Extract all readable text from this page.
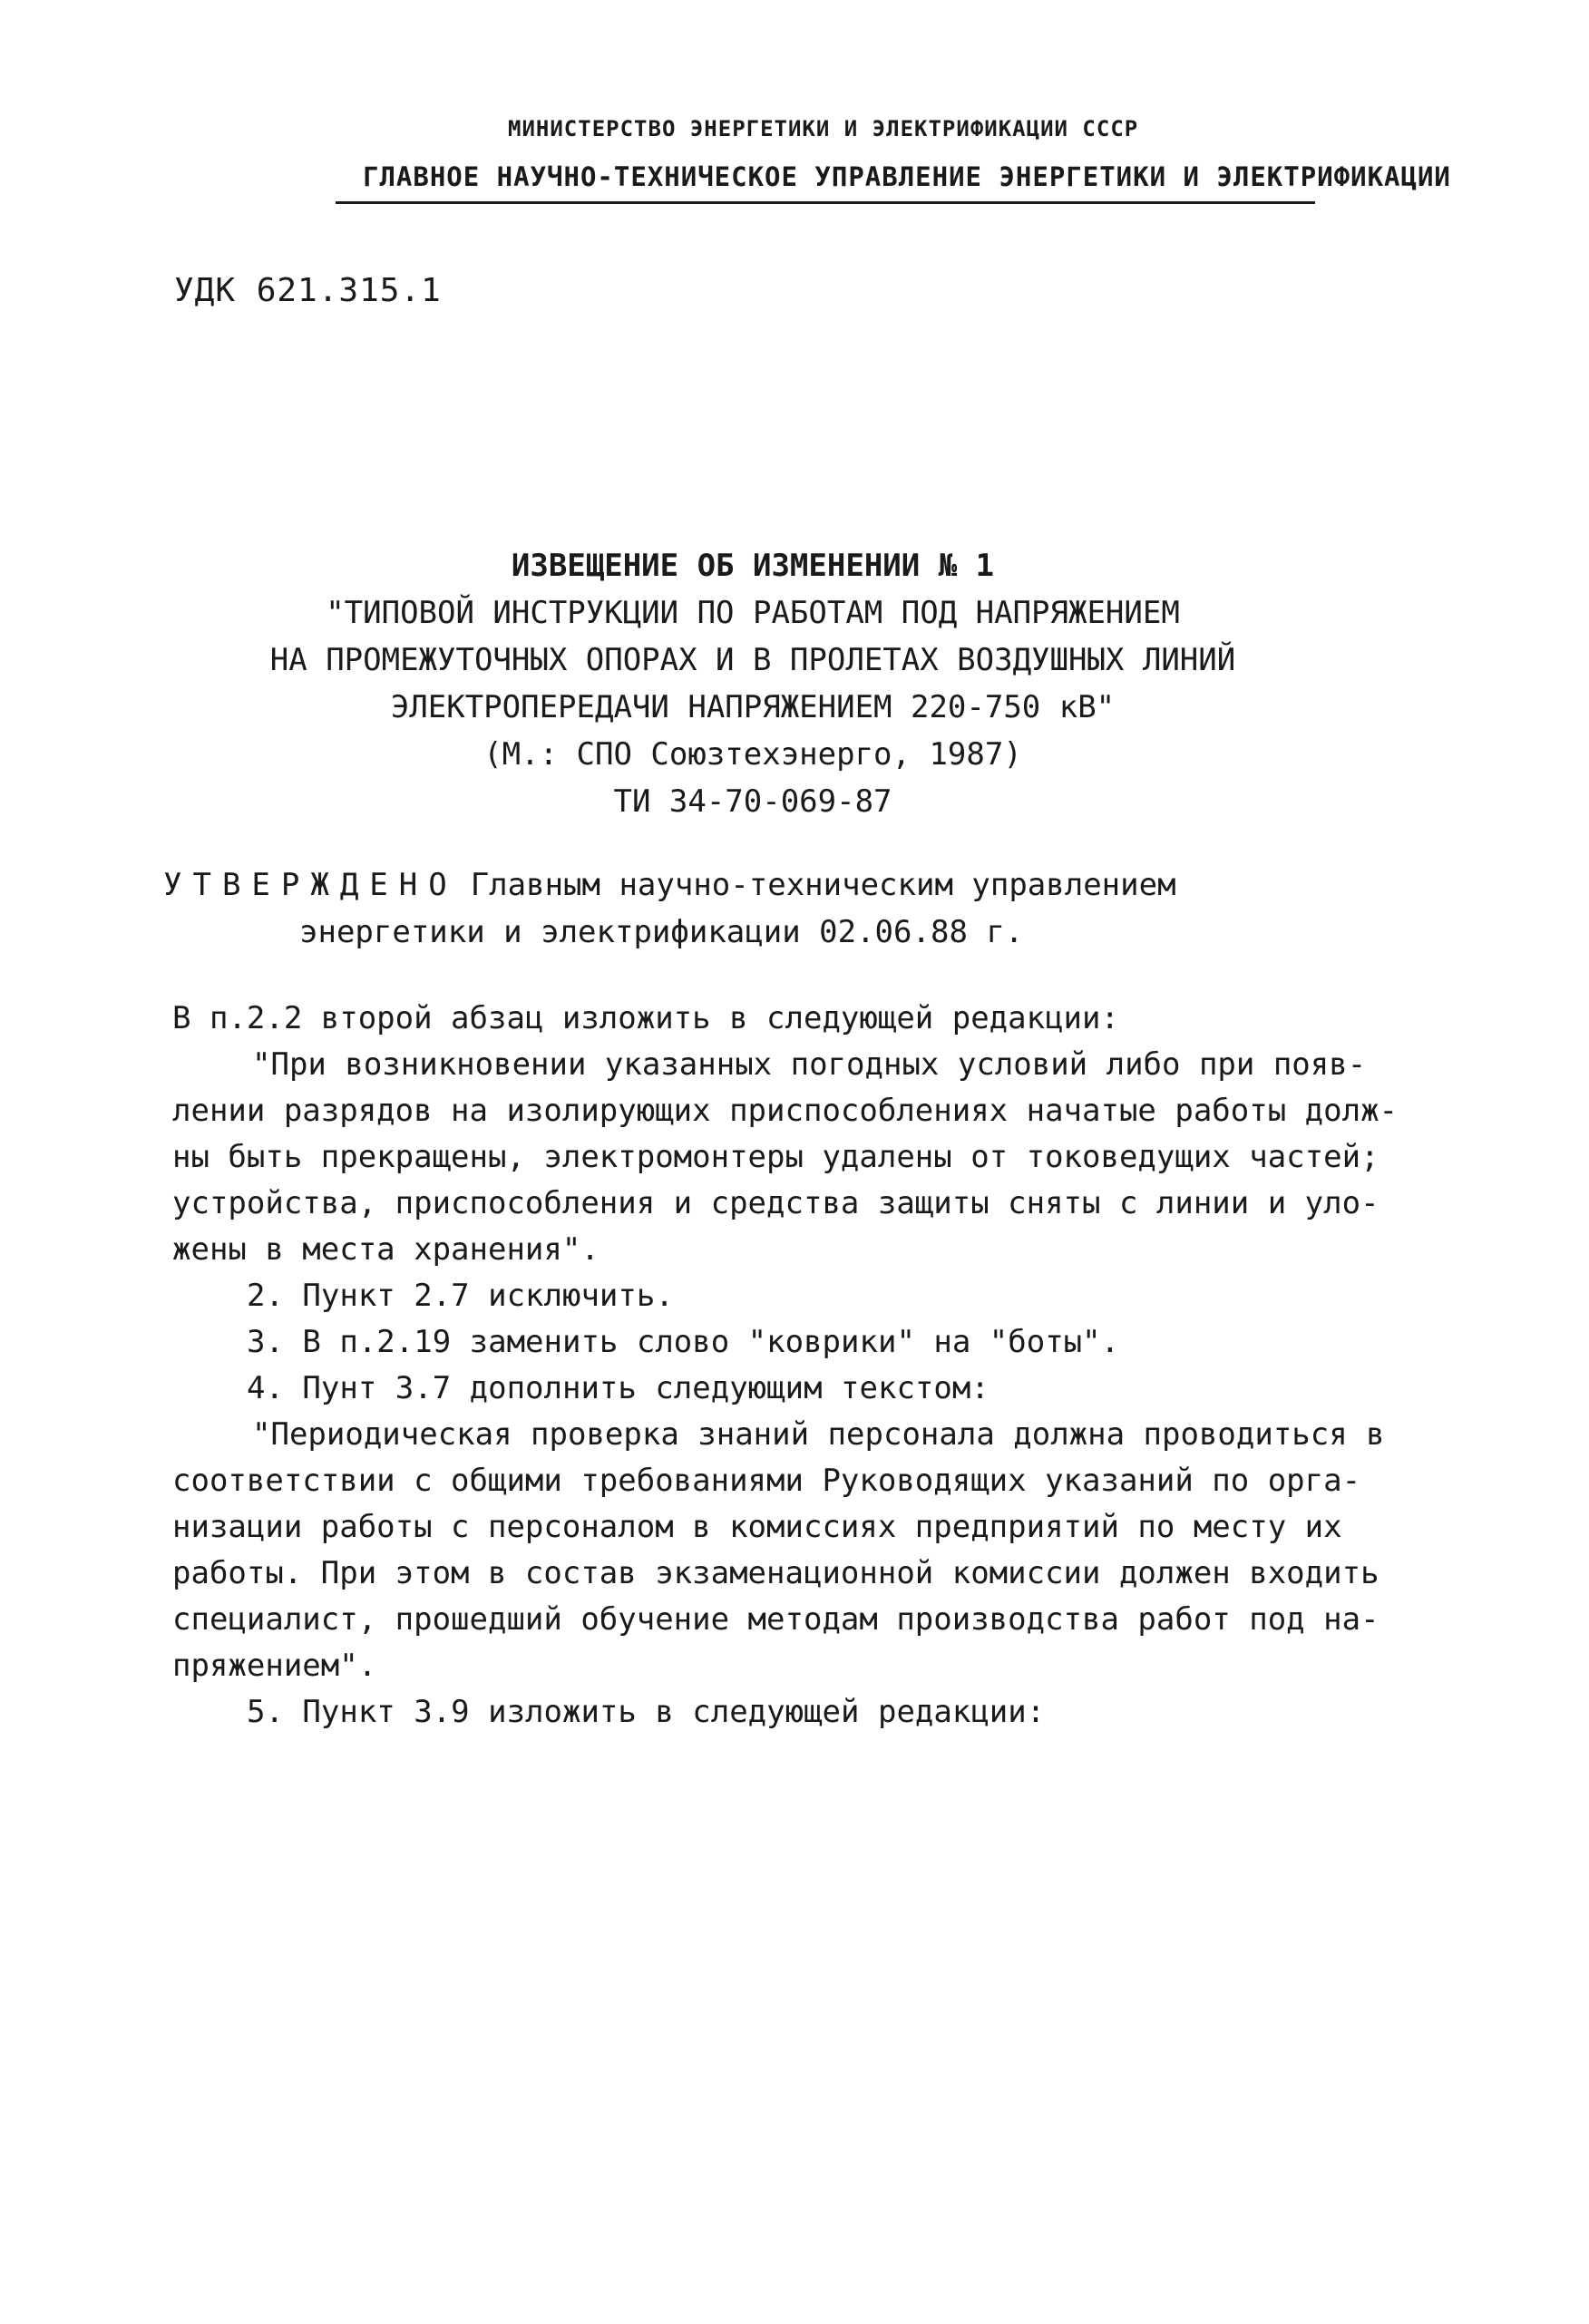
МИНИСТЕРСТВО ЭНЕРГЕТИКИ И ЭЛЕКТРИФИКАЦИИ СССР
ГЛАВНОЕ НАУЧНО-ТЕХНИЧЕСКОЕ УПРАВЛЕНИЕ ЭНЕРГЕТИКИ И ЭЛЕКТРИФИКАЦИИ
УДК 621.315.1
ИЗВЕЩЕНИЕ ОБ ИЗМЕНЕНИИ № 1
"ТИПОВОЙ ИНСТРУКЦИИ ПО РАБОТАМ ПОД НАПРЯЖЕНИЕМ
НА ПРОМЕЖУТОЧНЫХ ОПОРАХ И В ПРОЛЕТАХ ВОЗДУШНЫХ ЛИНИЙ
ЭЛЕКТРОПЕРЕДАЧИ НАПРЯЖЕНИЕМ 220-750 кВ"
(М.: СПО Союзтехэнерго, 1987)
ТИ 34-70-069-87
УТВЕРЖДЕНО Главным научно-техническим управлением
энергетики и электрификации 02.06.88 г.
В п.2.2 второй абзац изложить в следующей редакции:
"При возникновении указанных погодных условий либо при появ-
лении разрядов на изолирующих приспособлениях начатые работы долж-
ны быть прекращены, электромонтеры удалены от токоведущих частей;
устройства, приспособления и средства защиты сняты с линии и уло-
жены в места хранения".
2. Пункт 2.7 исключить.
3. В п.2.19 заменить слово "коврики" на "боты".
4. Пунт 3.7 дополнить следующим текстом:
"Периодическая проверка знаний персонала должна проводиться в
соответствии с общими требованиями Руководящих указаний по орга-
низации работы с персоналом в комиссиях предприятий по месту их
работы. При этом в состав экзаменационной комиссии должен входить
специалист, прошедший обучение методам производства работ под на-
пряжением".
5. Пункт 3.9 изложить в следующей редакции:
